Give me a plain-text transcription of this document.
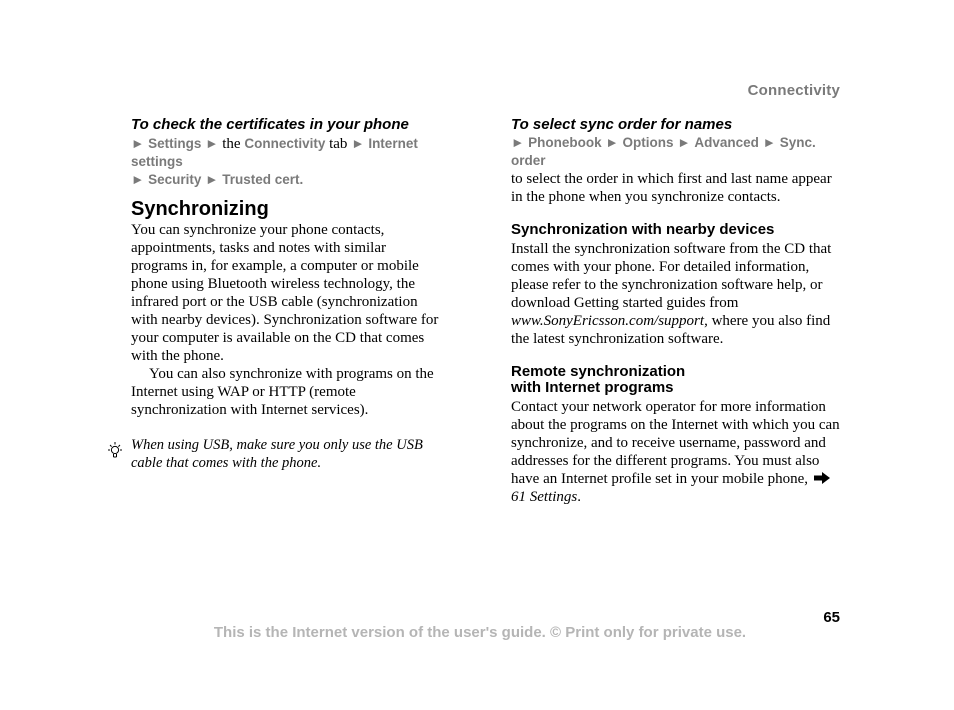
Connectivity
To check the certificates in your phone
► Settings ► the Connectivity tab ► Internet settings
► Security ► Trusted cert.
Synchronizing

You can synchronize your phone contacts, appointments, tasks and notes with similar programs in, for example, a computer or mobile phone using Bluetooth wireless technology, the infrared port or the USB cable (synchronization with nearby devices). Synchronization software for your computer is available on the CD that comes with the phone.

You can also synchronize with programs on the Internet using WAP or HTTP (remote synchronization with Internet services).

When using USB, make sure you only use the USB cable that comes with the phone.

To select sync order for names
► Phonebook ► Options ► Advanced ► Sync. order

to select the order in which first and last name appear in the phone when you synchronize contacts.

Synchronization with nearby devices

Install the synchronization software from the CD that comes with your phone. For detailed information, please refer to the synchronization software help, or download Getting started guides from www.SonyEricsson.com/support, where you also find the latest synchronization software.

Remote synchronization
with Internet programs

Contact your network operator for more information about the programs on the Internet with which you can synchronize, and to receive username, password and addresses for the different programs. You must also have an Internet profile set in your mobile phone, 61 Settings.

65
This is the Internet version of the user's guide. © Print only for private use.
